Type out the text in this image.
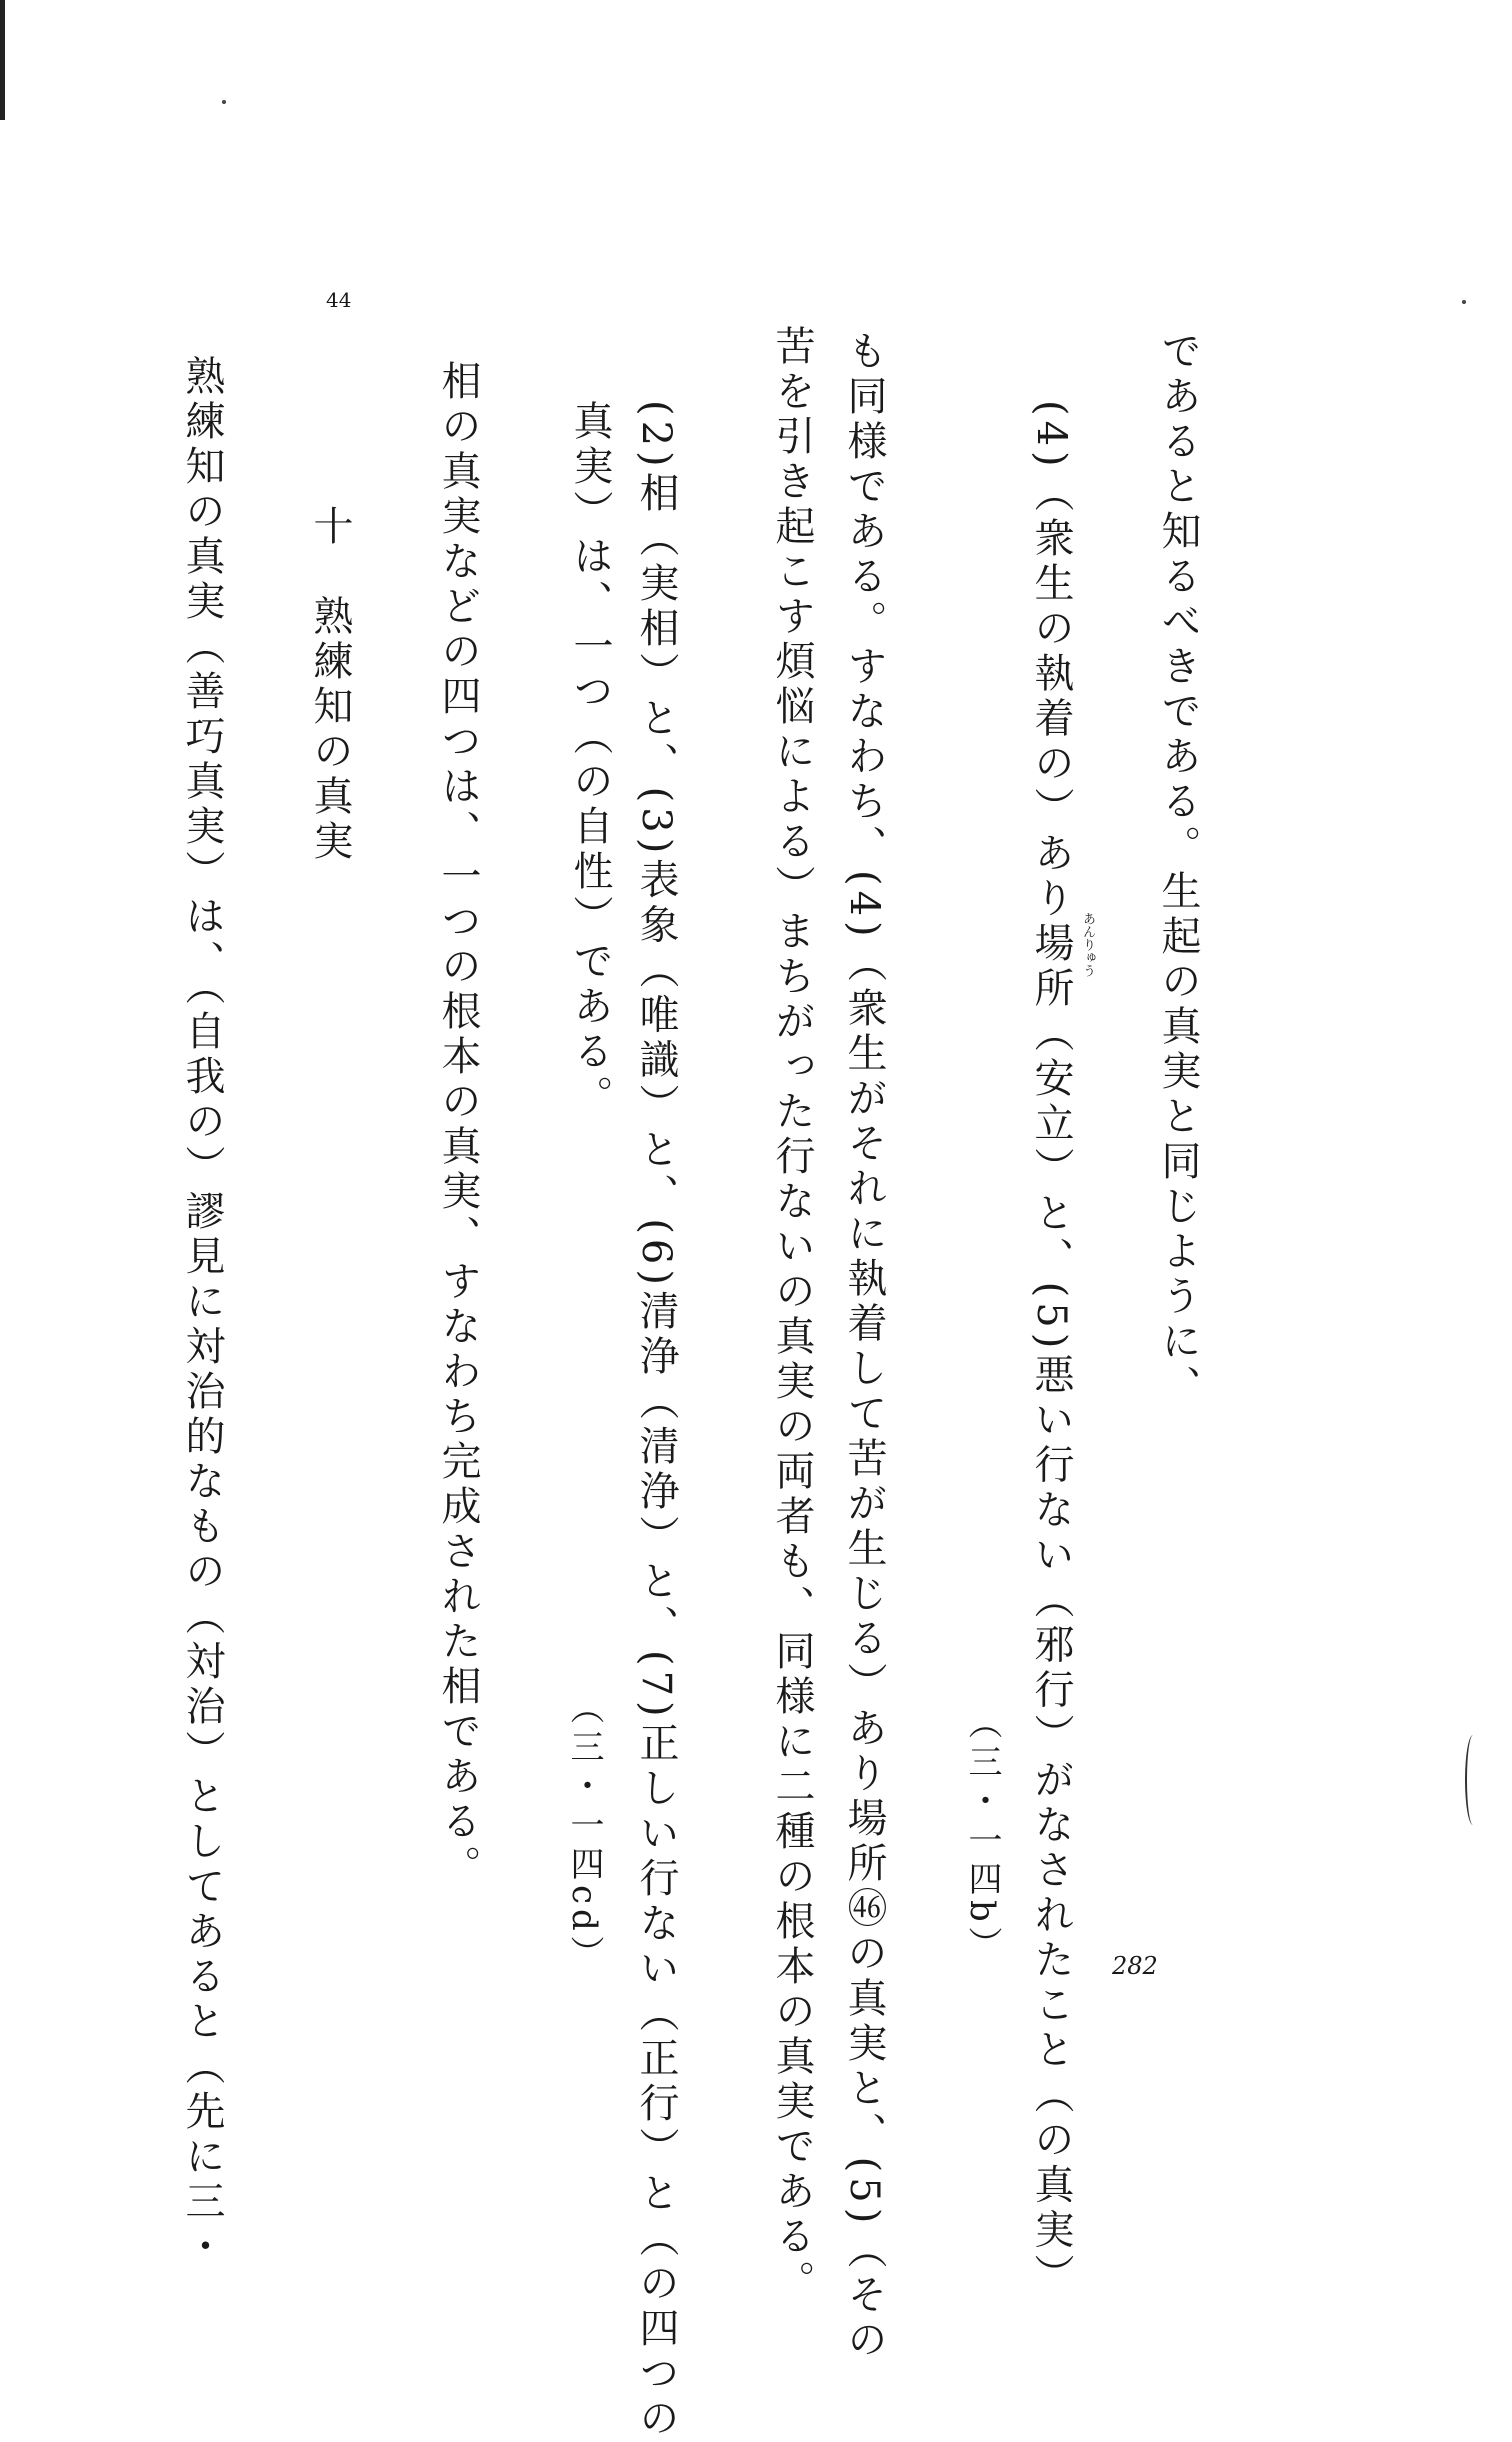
44
であると知るべきである。生起の真実と同じように、
(4)（衆生の執着の）あり場所（安立）と、(5)悪い行ない（邪行）がなされたこと（の真実） あんりゅう
（三・一四b）
も同様である。すなわち、(4)（衆生がそれに執着して苦が生じる）あり場所㊻の真実と、(5)（その
苦を引き起こす煩悩による）まちがった行ないの真実の両者も、同様に二種の根本の真実である。
(2)相（実相）と、(3)表象（唯識）と、(6)清浄（清浄）と、(7)正しい行ない（正行）と（の四つの
真実）は、一つ（の自性）である。
（三・一四cd）
相の真実などの四つは、一つの根本の真実、すなわち完成された相である。
十　熟練知の真実
熟練知の真実（善巧真実）は、（自我の）謬見に対治的なもの（対治）としてあると（先に三・	282
